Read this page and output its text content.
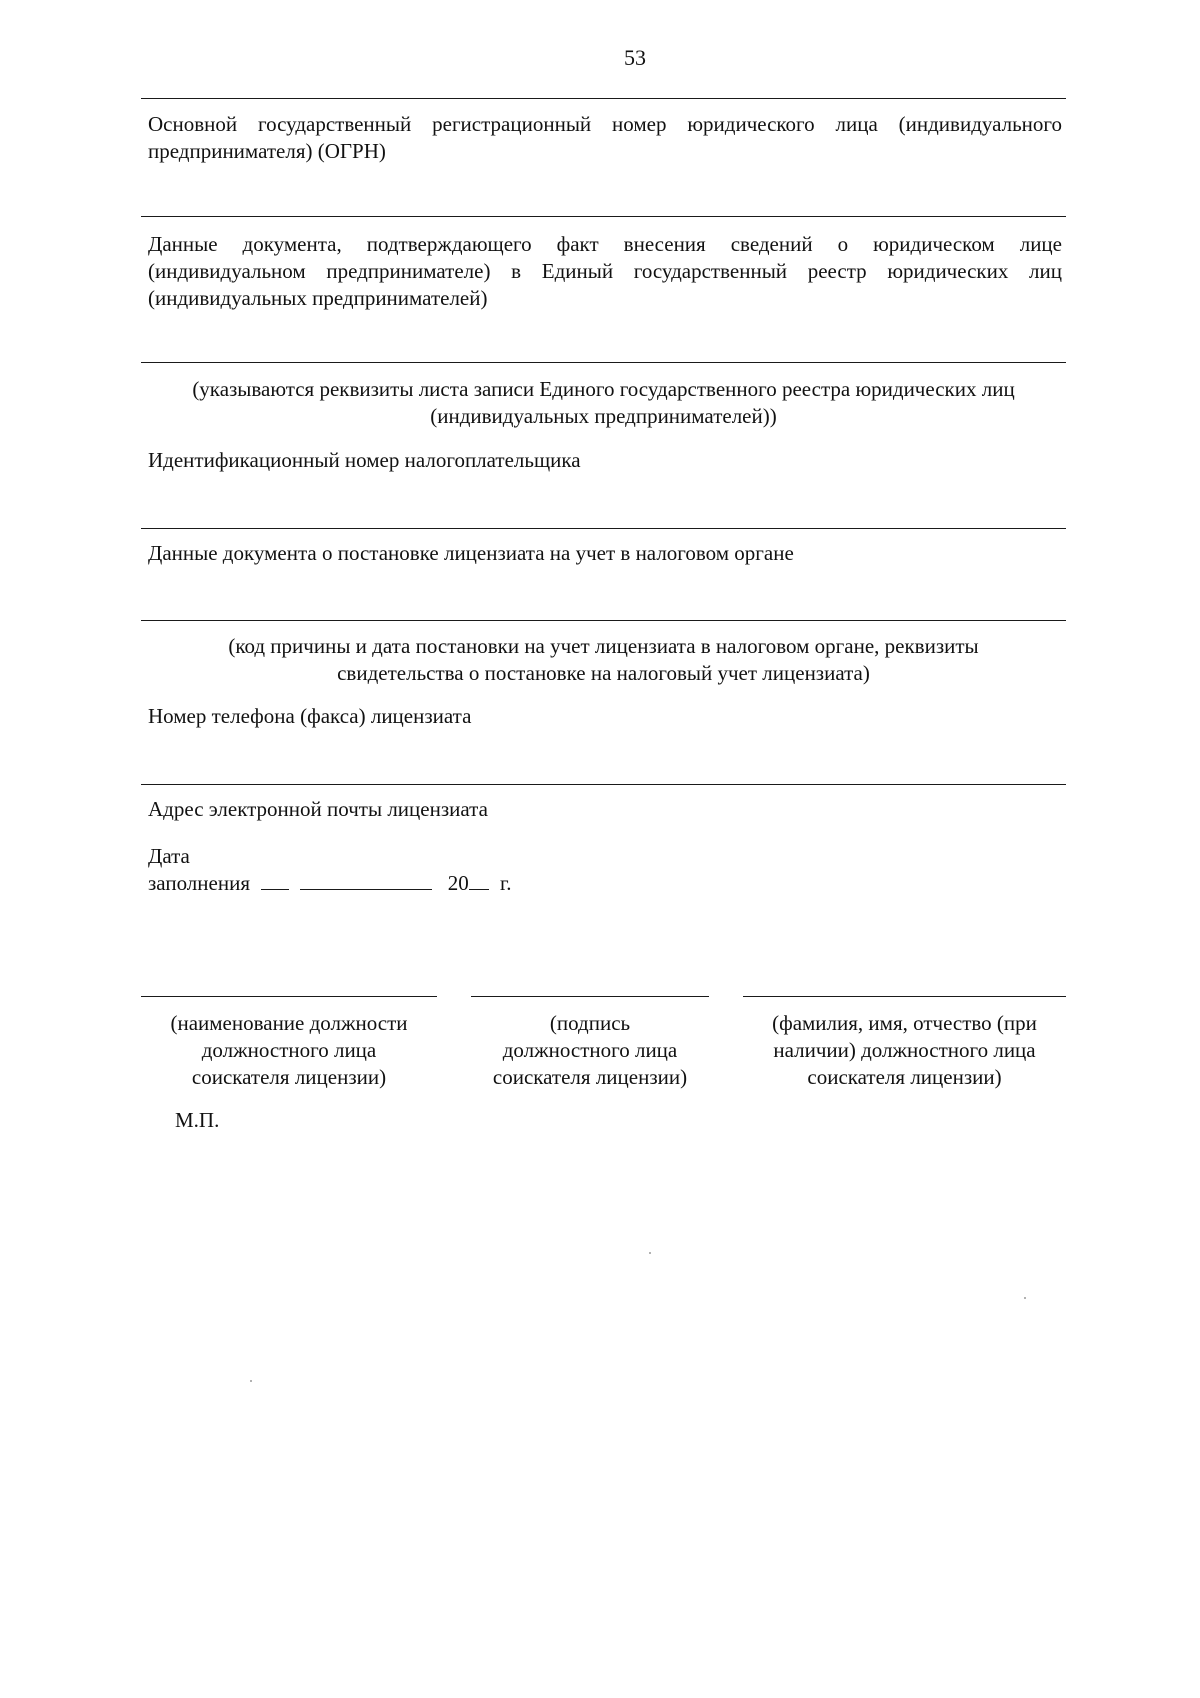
53
Основной государственный регистрационный номер юридического лица (индивидуального предпринимателя) (ОГРН)
Данные документа, подтверждающего факт внесения сведений о юридическом лице (индивидуальном предпринимателе) в Единый государственный реестр юридических лиц (индивидуальных предпринимателей)
(указываются реквизиты листа записи Единого государственного реестра юридических лиц
(индивидуальных предпринимателей))
Идентификационный номер налогоплательщика
Данные документа о постановке лицензиата на учет в налоговом органе
(код причины и дата постановки на учет лицензиата в налоговом органе, реквизиты
свидетельства о постановке на налоговый учет лицензиата)
Номер телефона (факса) лицензиата
Адрес электронной почты лицензиата
Дата
заполнения	20 г.
(наименование должности
должностного лица
соискателя лицензии)
(подпись
должностного лица
соискателя лицензии)
(фамилия, имя, отчество (при
наличии) должностного лица
соискателя лицензии)
М.П.
